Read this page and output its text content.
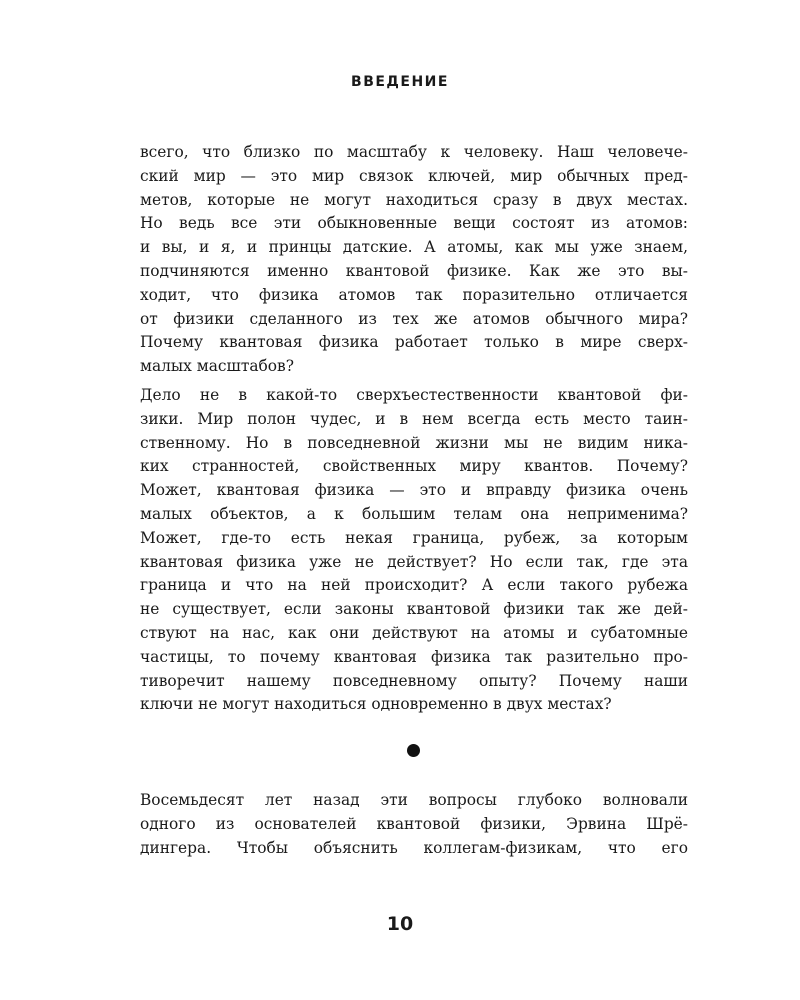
ВВЕДЕНИЕ
всего, что близко по масштабу к человеку. Наш человече-
ский мир — это мир связок ключей, мир обычных пред-
метов, которые не могут находиться сразу в двух местах.
Но ведь все эти обыкновенные вещи состоят из атомов:
и вы, и я, и принцы датские. А атомы, как мы уже знаем,
подчиняются именно квантовой физике. Как же это вы-
ходит, что физика атомов так поразительно отличается
от физики сделанного из тех же атомов обычного мира?
Почему квантовая физика работает только в мире сверх-
малых масштабов?
Дело не в какой-то сверхъестественности квантовой фи-
зики. Мир полон чудес, и в нем всегда есть место таин-
ственному. Но в повседневной жизни мы не видим ника-
ких странностей, свойственных миру квантов. Почему?
Может, квантовая физика — это и вправду физика очень
малых объектов, а к большим телам она неприменима?
Может, где-то есть некая граница, рубеж, за которым
квантовая физика уже не действует? Но если так, где эта
граница и что на ней происходит? А если такого рубежа
не существует, если законы квантовой физики так же дей-
ствуют на нас, как они действуют на атомы и субатомные
частицы, то почему квантовая физика так разительно про-
тиворечит нашему повседневному опыту? Почему наши
ключи не могут находиться одновременно в двух местах?
Восемьдесят лет назад эти вопросы глубоко волновали
одного из основателей квантовой физики, Эрвина Шрё-
дингера. Чтобы объяснить коллегам-физикам, что его
10
